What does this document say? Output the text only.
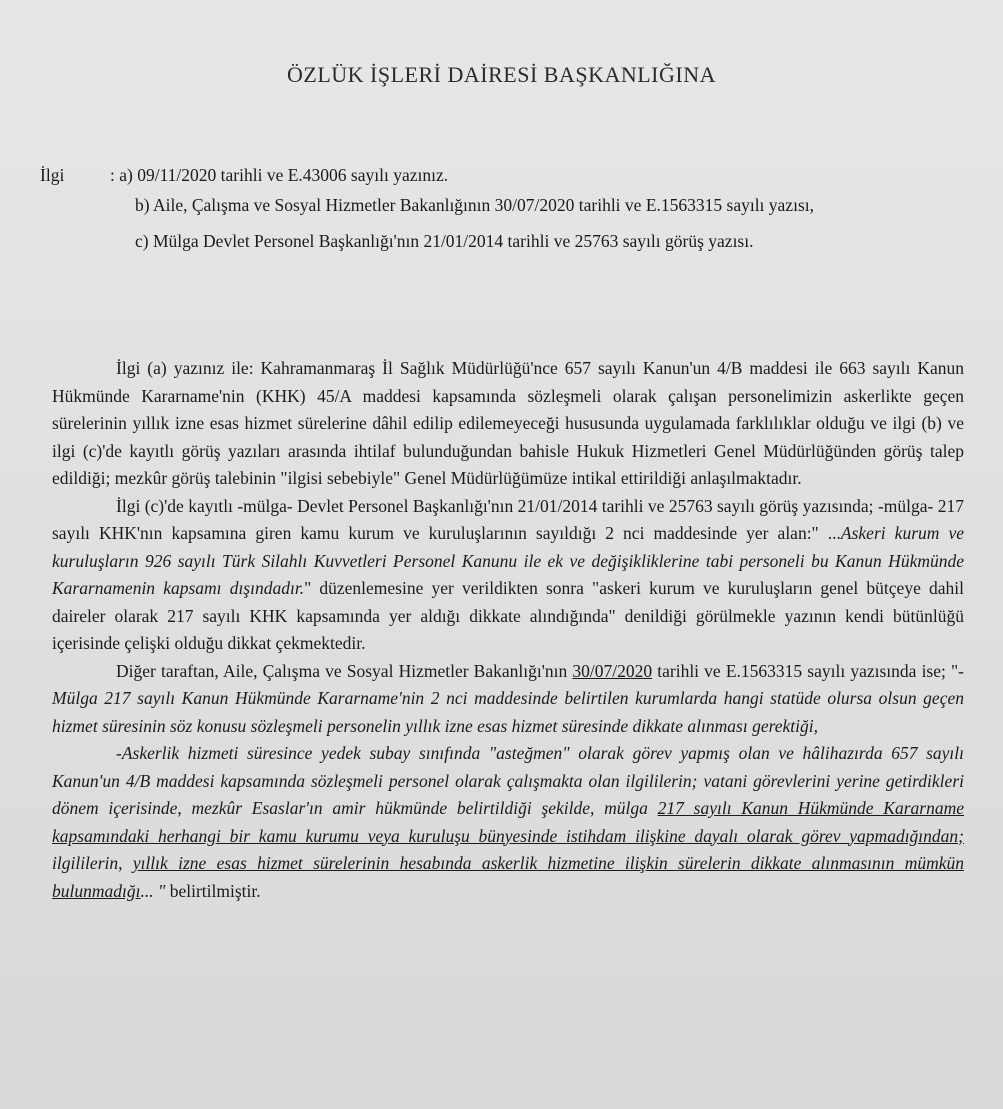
ÖZLÜK İŞLERİ DAİRESİ BAŞKANLIĞINA

İlgi	: a) 09/11/2020 tarihli ve E.43006 sayılı yazınız.

b) Aile, Çalışma ve Sosyal Hizmetler Bakanlığının 30/07/2020 tarihli ve E.1563315 sayılı yazısı,

c) Mülga Devlet Personel Başkanlığı'nın 21/01/2014 tarihli ve 25763 sayılı görüş yazısı.

İlgi (a) yazınız ile: Kahramanmaraş İl Sağlık Müdürlüğü'nce 657 sayılı Kanun'un 4/B maddesi ile 663 sayılı Kanun Hükmünde Kararname'nin (KHK) 45/A maddesi kapsamında sözleşmeli olarak çalışan personelimizin askerlikte geçen sürelerinin yıllık izne esas hizmet sürelerine dâhil edilip edilemeyeceği hususunda uygulamada farklılıklar olduğu ve ilgi (b) ve ilgi (c)'de kayıtlı görüş yazıları arasında ihtilaf bulunduğundan bahisle Hukuk Hizmetleri Genel Müdürlüğünden görüş talep edildiği; mezkûr görüş talebinin "ilgisi sebebiyle" Genel Müdürlüğümüze intikal ettirildiği anlaşılmaktadır.

İlgi (c)'de kayıtlı -mülga- Devlet Personel Başkanlığı'nın 21/01/2014 tarihli ve 25763 sayılı görüş yazısında; -mülga- 217 sayılı KHK'nın kapsamına giren kamu kurum ve kuruluşlarının sayıldığı 2 nci maddesinde yer alan:" ...Askeri kurum ve kuruluşların 926 sayılı Türk Silahlı Kuvvetleri Personel Kanunu ile ek ve değişikliklerine tabi personeli bu Kanun Hükmünde Kararnamenin kapsamı dışındadır." düzenlemesine yer verildikten sonra "askeri kurum ve kuruluşların genel bütçeye dahil daireler olarak 217 sayılı KHK kapsamında yer aldığı dikkate alındığında" denildiği görülmekle yazının kendi bütünlüğü içerisinde çelişki olduğu dikkat çekmektedir.

Diğer taraftan, Aile, Çalışma ve Sosyal Hizmetler Bakanlığı'nın 30/07/2020 tarihli ve E.1563315 sayılı yazısında ise; "-Mülga 217 sayılı Kanun Hükmünde Kararname'nin 2 nci maddesinde belirtilen kurumlarda hangi statüde olursa olsun geçen hizmet süresinin söz konusu sözleşmeli personelin yıllık izne esas hizmet süresinde dikkate alınması gerektiği,

-Askerlik hizmeti süresince yedek subay sınıfında "asteğmen" olarak görev yapmış olan ve hâlihazırda 657 sayılı Kanun'un 4/B maddesi kapsamında sözleşmeli personel olarak çalışmakta olan ilgililerin; vatani görevlerini yerine getirdikleri dönem içerisinde, mezkûr Esaslar'ın amir hükmünde belirtildiği şekilde, mülga 217 sayılı Kanun Hükmünde Kararname kapsamındaki herhangi bir kamu kurumu veya kuruluşu bünyesinde istihdam ilişkine dayalı olarak görev yapmadığından; ilgililerin, yıllık izne esas hizmet sürelerinin hesabında askerlik hizmetine ilişkin sürelerin dikkate alınmasının mümkün bulunmadığı... " belirtilmiştir.
